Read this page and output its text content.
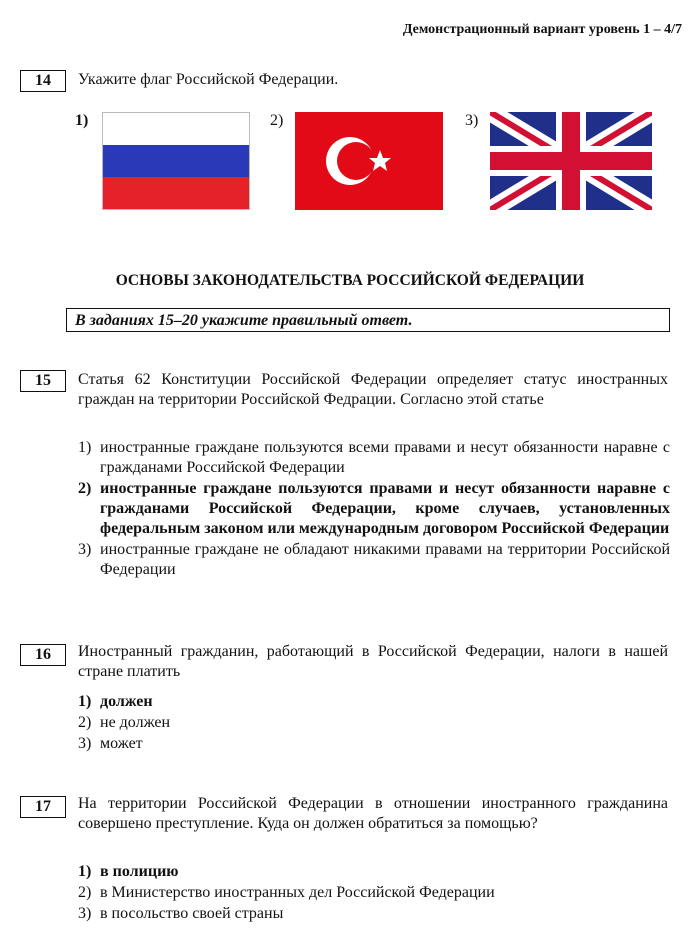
Демонстрационный вариант уровень 1 – 4/7
14	Укажите флаг Российской Федерации.
1)	2)	3)
ОСНОВЫ ЗАКОНОДАТЕЛЬСТВА РОССИЙСКОЙ ФЕДЕРАЦИИ
В заданиях 15–20 укажите правильный ответ.
15	Статья 62 Конституции Российской Федерации определяет статус иностранных граждан на территории Российской Федрации. Согласно этой статье
1) иностранные граждане пользуются всеми правами и несут обязанности наравне с гражданами Российской Федерации
2) иностранные граждане пользуются правами и несут обязанности наравне с гражданами Российской Федерации, кроме случаев, установленных федеральным законом или международным договором Российской Федерации
3) иностранные граждане не обладают никакими правами на территории Российской Федерации
16	Иностранный гражданин, работающий в Российской Федерации, налоги в нашей стране платить
1) должен
2) не должен
3) может
17	На территории Российской Федерации в отношении иностранного гражданина совершено преступление. Куда он должен обратиться за помощью?
1) в полицию
2) в Министерство иностранных дел Российской Федерации
3) в посольство своей страны
